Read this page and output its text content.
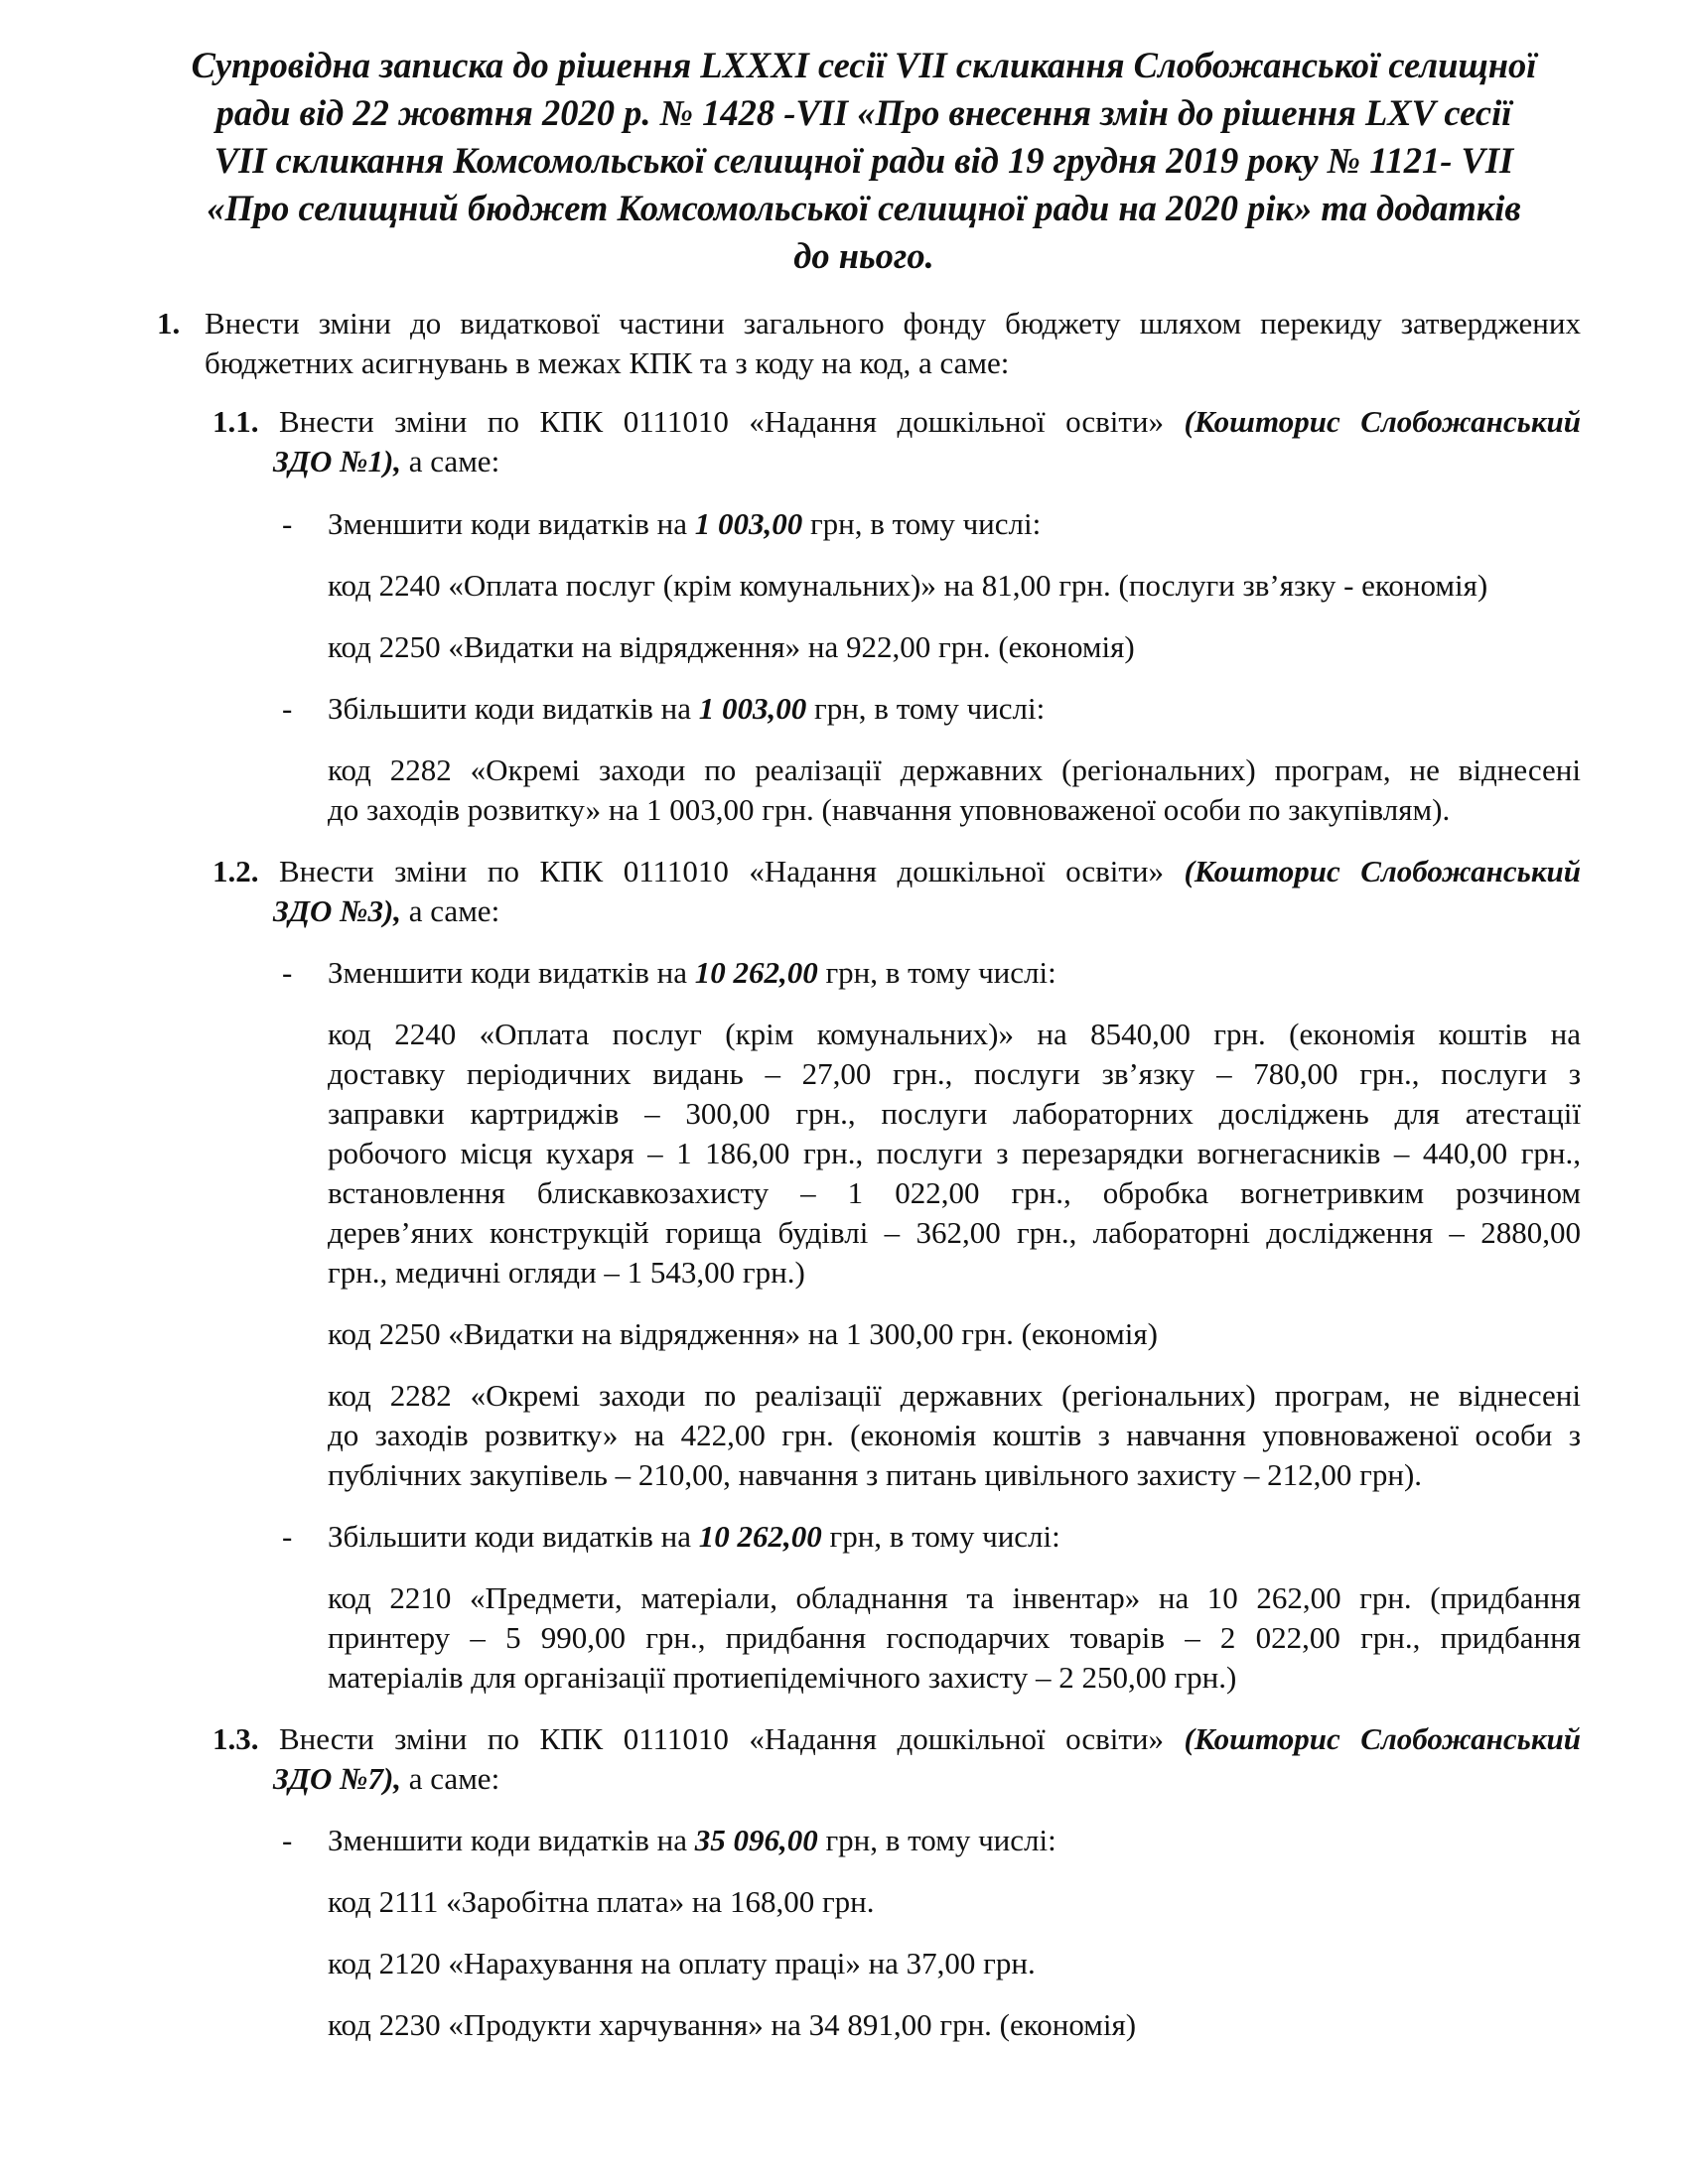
Супровідна записка до рішення LXXXI сесії VII скликання Слобожанської селищної
ради від 22 жовтня 2020 р. № 1428 -VII «Про внесення змін до рішення LXV сесії
VII скликання Комсомольської селищної ради від 19 грудня 2019 року № 1121- VII
«Про селищний бюджет Комсомольської селищної ради на 2020 рік» та додатків
до нього.
1. Внести зміни до видаткової частини загального фонду бюджету шляхом перекиду затверджених
бюджетних асигнувань в межах КПК та з коду на код, а саме:
1.1. Внести зміни по КПК 0111010 «Надання дошкільної освіти» (Кошторис Слобожанський
ЗДО №1), а саме:
- Зменшити коди видатків на 1 003,00 грн, в тому числі:
код 2240 «Оплата послуг (крім комунальних)» на 81,00 грн. (послуги зв’язку - економія)
код 2250 «Видатки на відрядження» на 922,00 грн. (економія)
- Збільшити коди видатків на 1 003,00 грн, в тому числі:
код 2282 «Окремі заходи по реалізації державних (регіональних) програм, не віднесені
до заходів розвитку» на 1 003,00 грн. (навчання уповноваженої особи по закупівлям).
1.2. Внести зміни по КПК 0111010 «Надання дошкільної освіти» (Кошторис Слобожанський
ЗДО №3), а саме:
- Зменшити коди видатків на 10 262,00 грн, в тому числі:
код 2240 «Оплата послуг (крім комунальних)» на 8540,00 грн. (економія коштів на
доставку періодичних видань – 27,00 грн., послуги зв’язку – 780,00 грн., послуги з
заправки картриджів – 300,00 грн., послуги лабораторних досліджень для атестації
робочого місця кухаря – 1 186,00 грн., послуги з перезарядки вогнегасників – 440,00 грн.,
встановлення блискавкозахисту – 1 022,00 грн., обробка вогнетривким розчином
дерев’яних конструкцій горища будівлі – 362,00 грн., лабораторні дослідження – 2880,00
грн., медичні огляди – 1 543,00 грн.)
код 2250 «Видатки на відрядження» на 1 300,00 грн. (економія)
код 2282 «Окремі заходи по реалізації державних (регіональних) програм, не віднесені
до заходів розвитку» на 422,00 грн. (економія коштів з навчання уповноваженої особи з
публічних закупівель – 210,00, навчання з питань цивільного захисту – 212,00 грн).
- Збільшити коди видатків на 10 262,00 грн, в тому числі:
код 2210 «Предмети, матеріали, обладнання та інвентар» на 10 262,00 грн. (придбання
принтеру – 5 990,00 грн., придбання господарчих товарів – 2 022,00 грн., придбання
матеріалів для організації протиепідемічного захисту – 2 250,00 грн.)
1.3. Внести зміни по КПК 0111010 «Надання дошкільної освіти» (Кошторис Слобожанський
ЗДО №7), а саме:
- Зменшити коди видатків на 35 096,00 грн, в тому числі:
код 2111 «Заробітна плата» на 168,00 грн.
код 2120 «Нарахування на оплату праці» на 37,00 грн.
код 2230 «Продукти харчування» на 34 891,00 грн. (економія)
